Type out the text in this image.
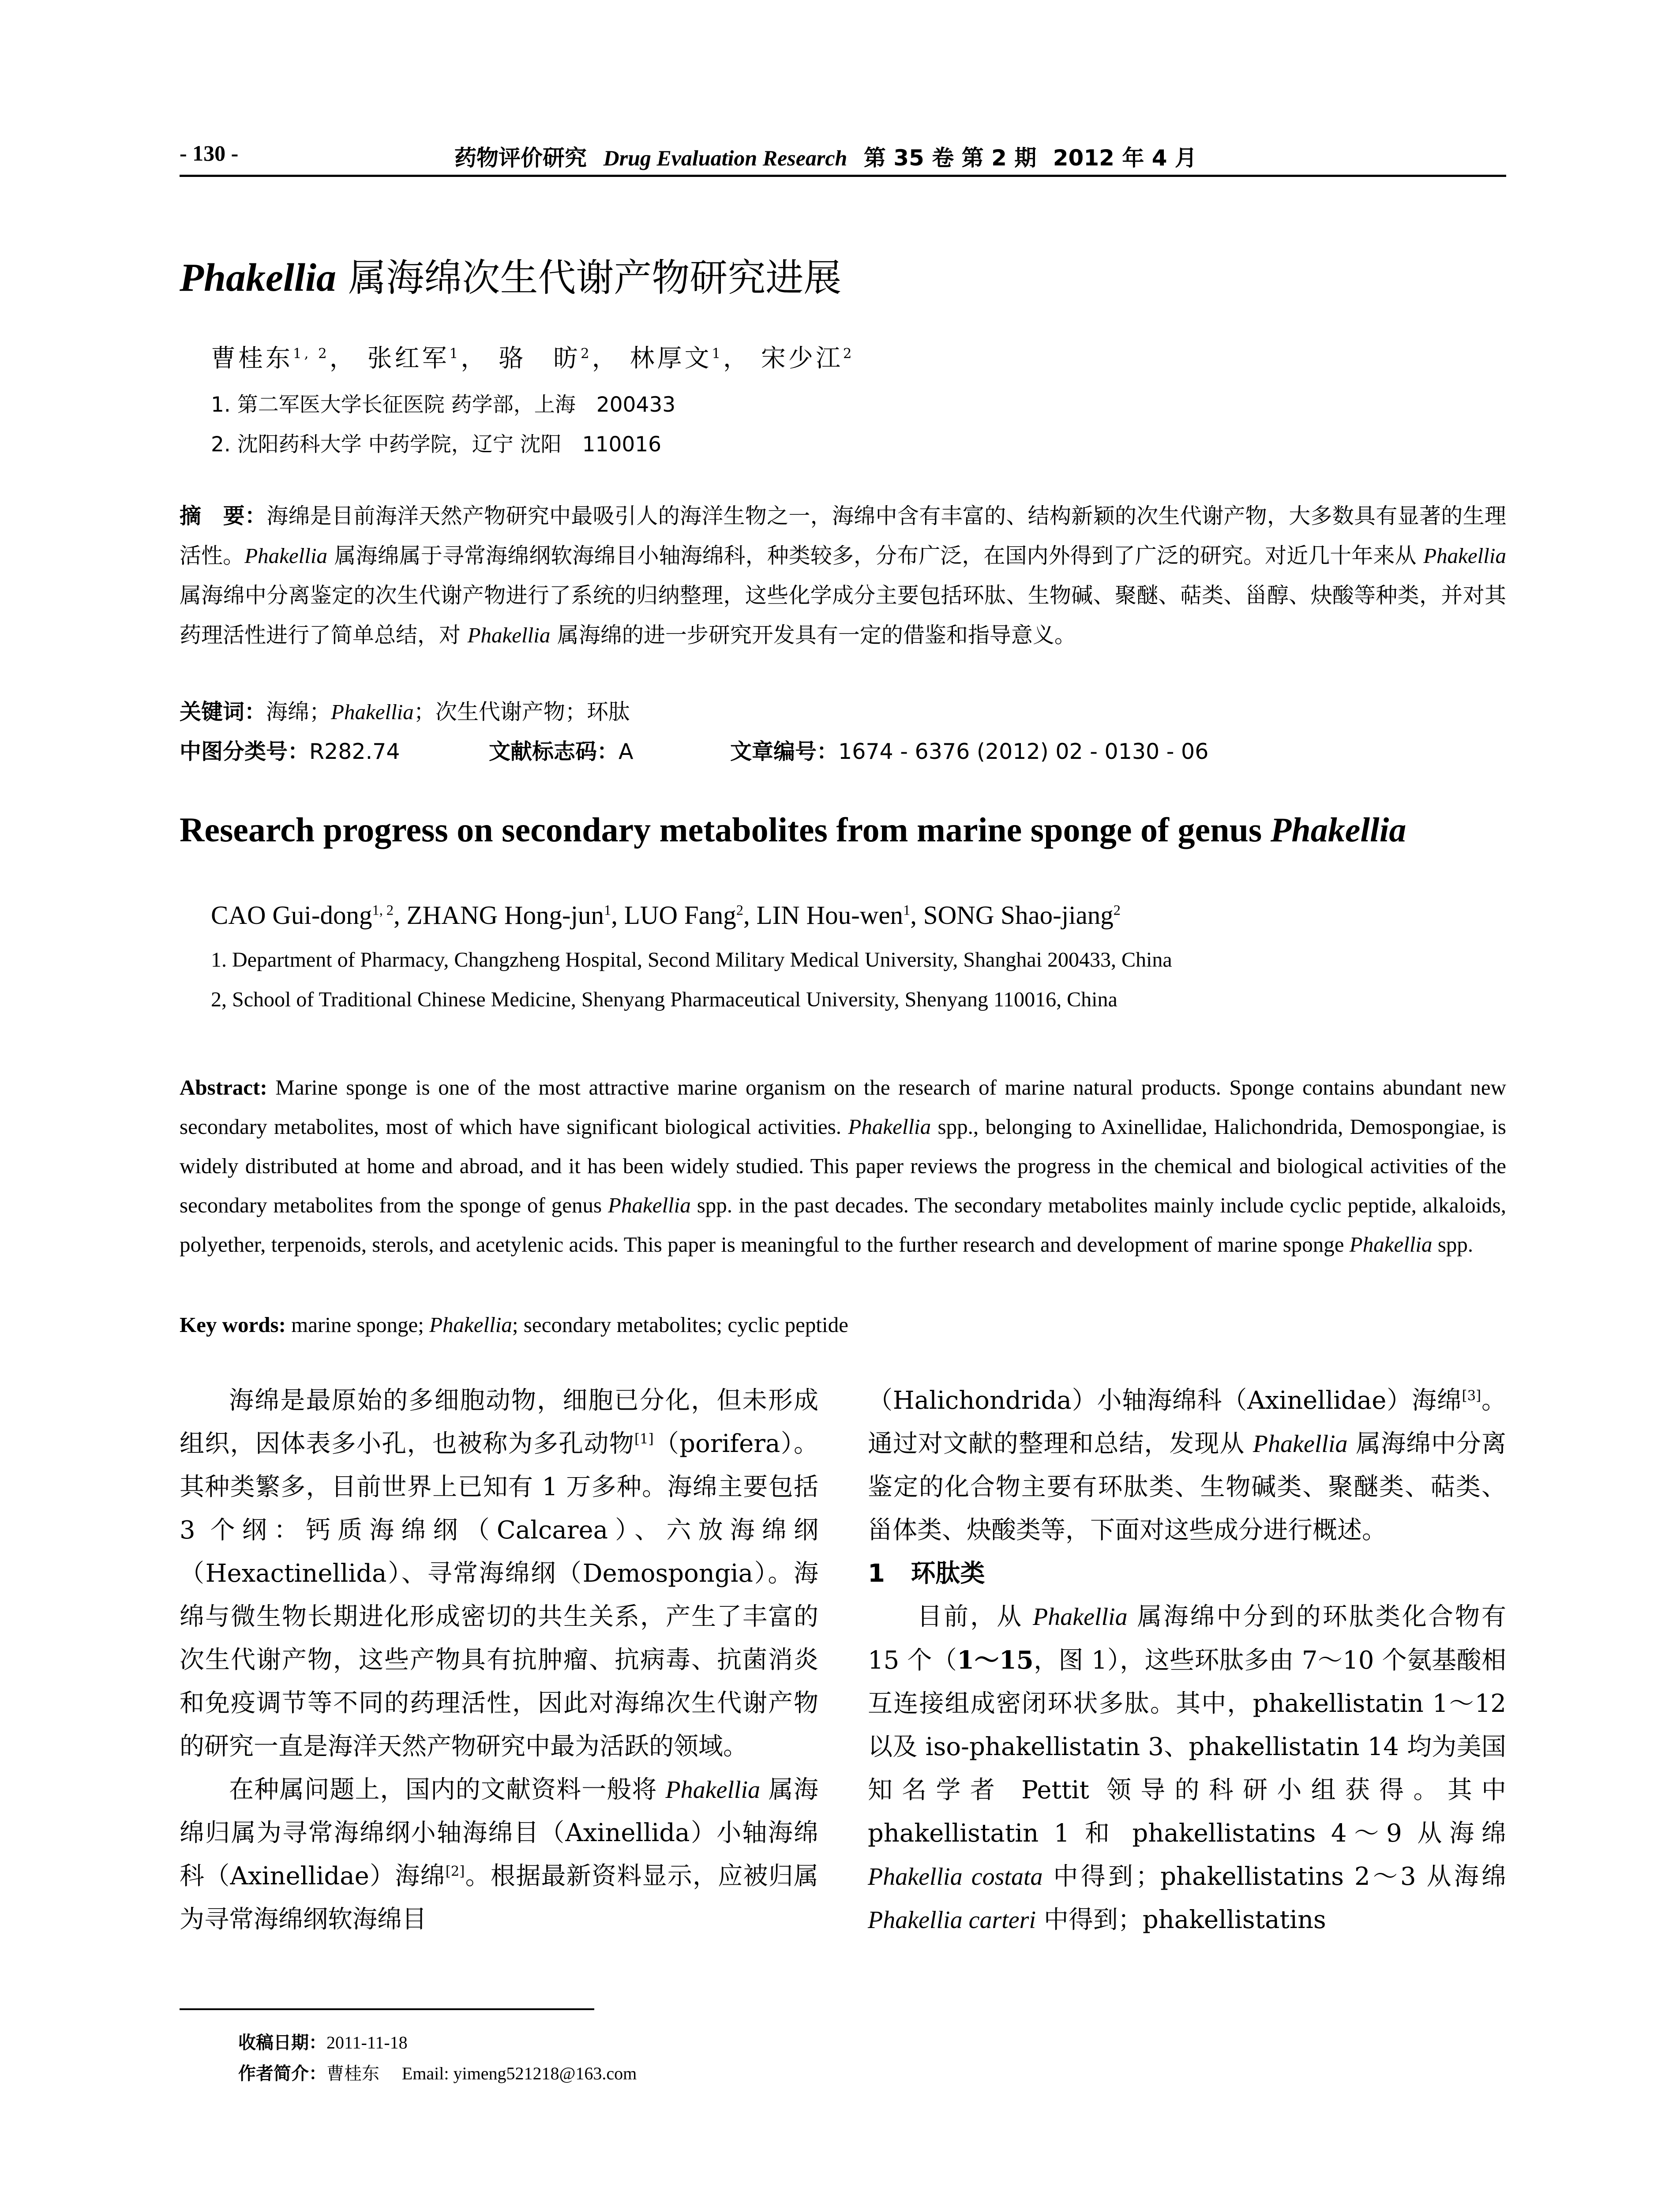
- 130 -	药物评价研究 Drug Evaluation Research 第 35 卷 第 2 期 2012 年 4 月
Phakellia 属海绵次生代谢产物研究进展
曹桂东$^{1, 2}$， 张红军$^1$， 骆　昉$^2$， 林厚文$^1$， 宋少江$^2$
1. 第二军医大学长征医院 药学部，上海　200433
2. 沈阳药科大学 中药学院，辽宁 沈阳　110016
摘　要：海绵是目前海洋天然产物研究中最吸引人的海洋生物之一，海绵中含有丰富的、结构新颖的次生代谢产物，大多数具有显著的生理活性。Phakellia 属海绵属于寻常海绵纲软海绵目小轴海绵科，种类较多，分布广泛，在国内外得到了广泛的研究。对近几十年来从 Phakellia 属海绵中分离鉴定的次生代谢产物进行了系统的归纳整理，这些化学成分主要包括环肽、生物碱、聚醚、萜类、甾醇、炔酸等种类，并对其药理活性进行了简单总结，对 Phakellia 属海绵的进一步研究开发具有一定的借鉴和指导意义。
关键词：海绵；Phakellia；次生代谢产物；环肽
中图分类号：R282.74	文献标志码：A	文章编号：1674 - 6376 (2012) 02 - 0130 - 06
Research progress on secondary metabolites from marine sponge of genus Phakellia
CAO Gui-dong$^{1, 2}$, ZHANG Hong-jun$^1$, LUO Fang$^2$, LIN Hou-wen$^1$, SONG Shao-jiang$^2$
1. Department of Pharmacy, Changzheng Hospital, Second Military Medical University, Shanghai 200433, China
2, School of Traditional Chinese Medicine, Shenyang Pharmaceutical University, Shenyang 110016, China
Abstract: Marine sponge is one of the most attractive marine organism on the research of marine natural products. Sponge contains abundant new secondary metabolites, most of which have significant biological activities. Phakellia spp., belonging to Axinellidae, Halichondrida, Demospongiae, is widely distributed at home and abroad, and it has been widely studied. This paper reviews the progress in the chemical and biological activities of the secondary metabolites from the sponge of genus Phakellia spp. in the past decades. The secondary metabolites mainly include cyclic peptide, alkaloids, polyether, terpenoids, sterols, and acetylenic acids. This paper is meaningful to the further research and development of marine sponge Phakellia spp.
Key words: marine sponge; Phakellia; secondary metabolites; cyclic peptide

海绵是最原始的多细胞动物，细胞已分化，但未形成组织，因体表多小孔，也被称为多孔动物[1]（porifera）。其种类繁多，目前世界上已知有 1 万多种。海绵主要包括 3 个纲：钙质海绵纲（Calcarea）、六放海绵纲（Hexactinellida）、寻常海绵纲（Demospongia）。海绵与微生物长期进化形成密切的共生关系，产生了丰富的次生代谢产物，这些产物具有抗肿瘤、抗病毒、抗菌消炎和免疫调节等不同的药理活性，因此对海绵次生代谢产物的研究一直是海洋天然产物研究中最为活跃的领域。

在种属问题上，国内的文献资料一般将 Phakellia 属海绵归属为寻常海绵纲小轴海绵目（Axinellida）小轴海绵科（Axinellidae）海绵[2]。根据最新资料显示，应被归属为寻常海绵纲软海绵目

（Halichondrida）小轴海绵科（Axinellidae）海绵[3]。通过对文献的整理和总结，发现从 Phakellia 属海绵中分离鉴定的化合物主要有环肽类、生物碱类、聚醚类、萜类、甾体类、炔酸类等，下面对这些成分进行概述。

1 环肽类

目前，从 Phakellia 属海绵中分到的环肽类化合物有 15 个（1～15，图 1），这些环肽多由 7～10 个氨基酸相互连接组成密闭环状多肽。其中，phakellistatin 1～12 以及 iso-phakellistatin 3、phakellistatin 14 均为美国知名学者 Pettit 领导的科研小组获得。其中 phakellistatin 1 和 phakellistatins 4～9 从海绵 Phakellia costata 中得到；phakellistatins 2～3 从海绵 Phakellia carteri 中得到；phakellistatins

收稿日期：2011-11-18
作者简介：曹桂东 Email: yimeng521218@163.com
